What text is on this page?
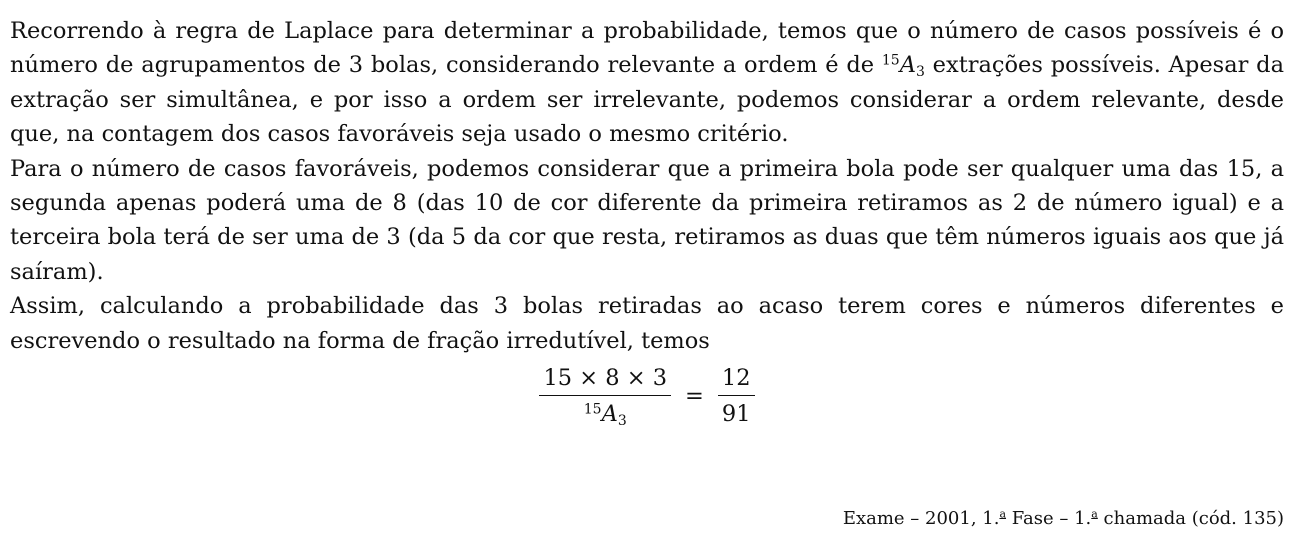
Recorrendo à regra de Laplace para determinar a probabilidade, temos que o número de casos possíveis é o número de agrupamentos de 3 bolas, considerando relevante a ordem é de $^{15}$A3 extrações possíveis. Apesar da extração ser simultânea, e por isso a ordem ser irrelevante, podemos considerar a ordem relevante, desde que, na contagem dos casos favoráveis seja usado o mesmo critério.

Para o número de casos favoráveis, podemos considerar que a primeira bola pode ser qualquer uma das 15, a segunda apenas poderá uma de 8 (das 10 de cor diferente da primeira retiramos as 2 de número igual) e a terceira bola terá de ser uma de 3 (da 5 da cor que resta, retiramos as duas que têm números iguais aos que já saíram).

Assim, calculando a probabilidade das 3 bolas retiradas ao acaso terem cores e números diferentes e escrevendo o resultado na forma de fração irredutível, temos

$\frac{15 \times 8 \times 3}{^{15}A3} = \frac{12}{91}$
Exame – 2001, 1.$^a$ Fase – 1.$^a$ chamada (cód. 135)
